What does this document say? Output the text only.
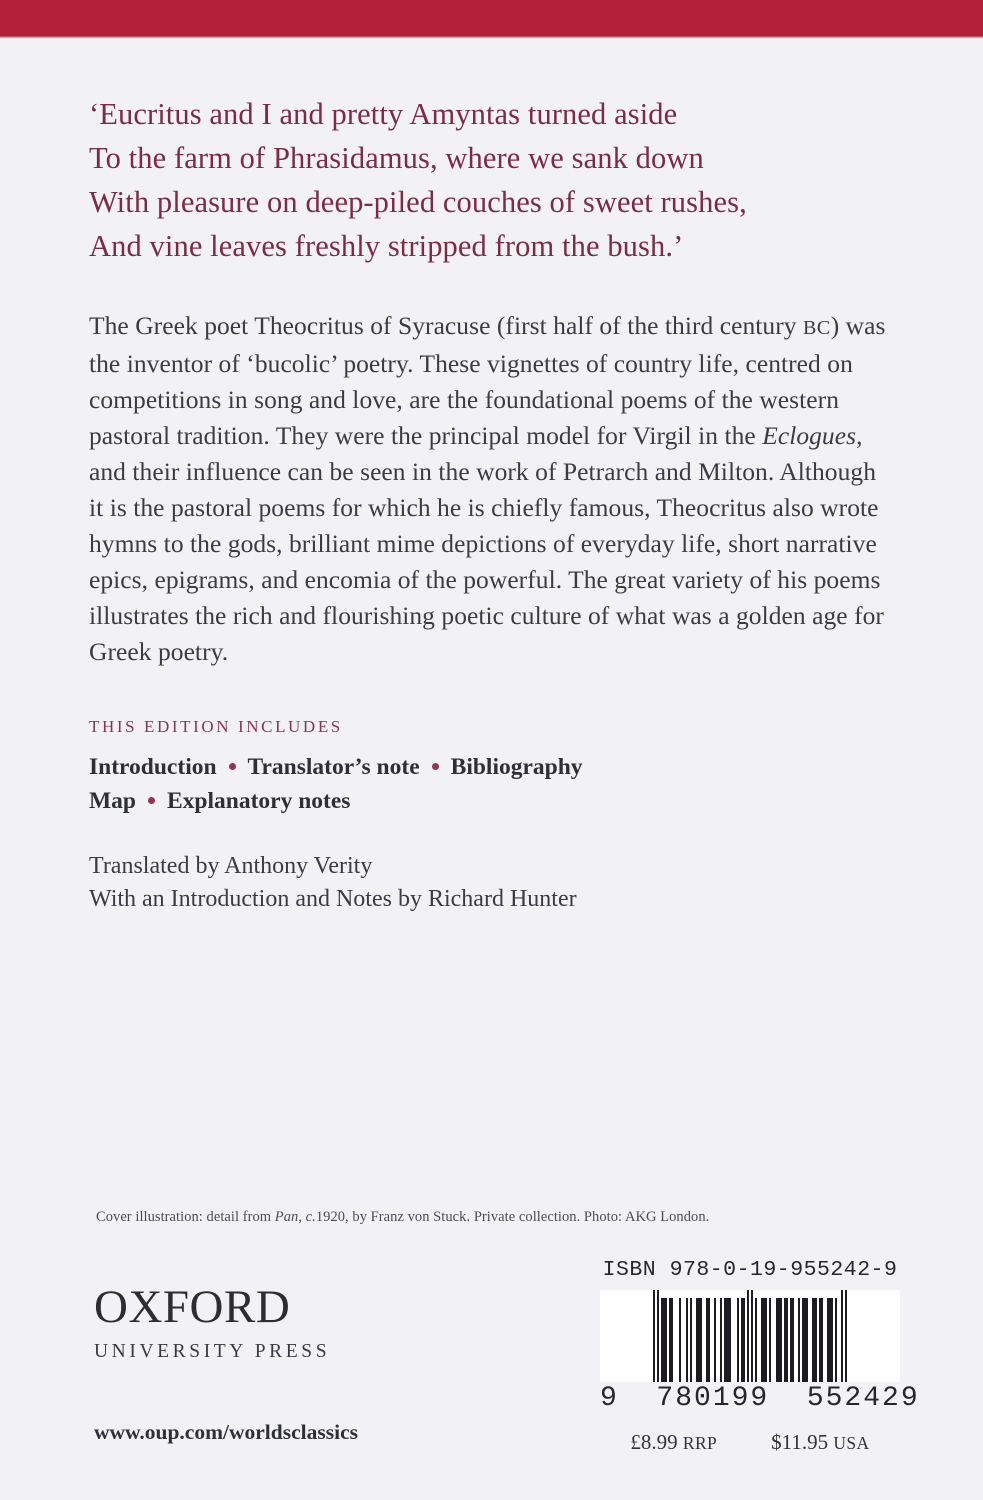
‘Eucritus and I and pretty Amyntas turned aside
To the farm of Phrasidamus, where we sank down
With pleasure on deep-piled couches of sweet rushes,
And vine leaves freshly stripped from the bush.’

The Greek poet Theocritus of Syracuse (first half of the third century BC) was the inventor of ‘bucolic’ poetry. These vignettes of country life, centred on competitions in song and love, are the foundational poems of the western pastoral tradition. They were the principal model for Virgil in the Eclogues, and their influence can be seen in the work of Petrarch and Milton. Although it is the pastoral poems for which he is chiefly famous, Theocritus also wrote hymns to the gods, brilliant mime depictions of everyday life, short narrative epics, epigrams, and encomia of the powerful. The great variety of his poems illustrates the rich and flourishing poetic culture of what was a golden age for Greek poetry.

THIS EDITION INCLUDES
Introduction Translator’s note Bibliography
Map Explanatory notes
Translated by Anthony Verity
With an Introduction and Notes by Richard Hunter
Cover illustration: detail from Pan, c.1920, by Franz von Stuck. Private collection. Photo: AKG London.
OXFORD
UNIVERSITY PRESS
www.oup.com/worldsclassics
ISBN 978-0-19-955242-9
9  780199  552429
£8.99 RRP	$11.95 USA
